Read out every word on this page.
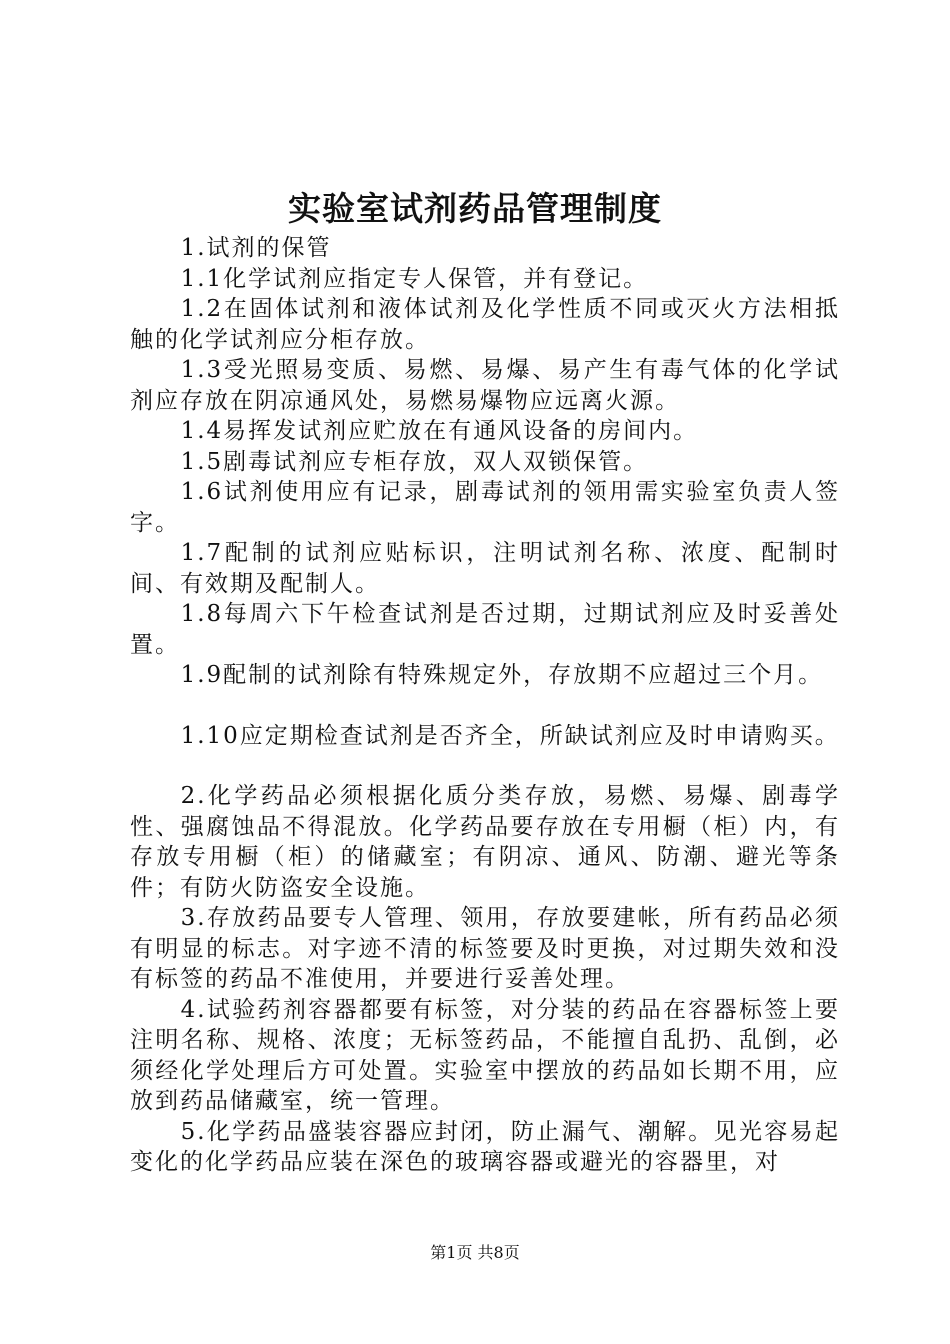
实验室试剂药品管理制度

1.试剂的保管

1.1化学试剂应指定专人保管，并有登记。

1.2在固体试剂和液体试剂及化学性质不同或灭火方法相抵触的化学试剂应分柜存放。

1.3受光照易变质、易燃、易爆、易产生有毒气体的化学试剂应存放在阴凉通风处，易燃易爆物应远离火源。

1.4易挥发试剂应贮放在有通风设备的房间内。

1.5剧毒试剂应专柜存放，双人双锁保管。

1.6试剂使用应有记录，剧毒试剂的领用需实验室负责人签字。

1.7配制的试剂应贴标识，注明试剂名称、浓度、配制时间、有效期及配制人。

1.8每周六下午检查试剂是否过期，过期试剂应及时妥善处置。

1.9配制的试剂除有特殊规定外，存放期不应超过三个月。

1.10应定期检查试剂是否齐全，所缺试剂应及时申请购买。

2.化学药品必须根据化质分类存放，易燃、易爆、剧毒学性、强腐蚀品不得混放。化学药品要存放在专用橱（柜）内，有存放专用橱（柜）的储藏室；有阴凉、通风、防潮、避光等条件；有防火防盗安全设施。

3.存放药品要专人管理、领用，存放要建帐，所有药品必须有明显的标志。对字迹不清的标签要及时更换，对过期失效和没有标签的药品不准使用，并要进行妥善处理。

4.试验药剂容器都要有标签，对分装的药品在容器标签上要注明名称、规格、浓度；无标签药品，不能擅自乱扔、乱倒，必须经化学处理后方可处置。实验室中摆放的药品如长期不用，应放到药品储藏室，统一管理。

5.化学药品盛装容器应封闭，防止漏气、潮解。见光容易起变化的化学药品应装在深色的玻璃容器或避光的容器里，对

第1页 共8页
